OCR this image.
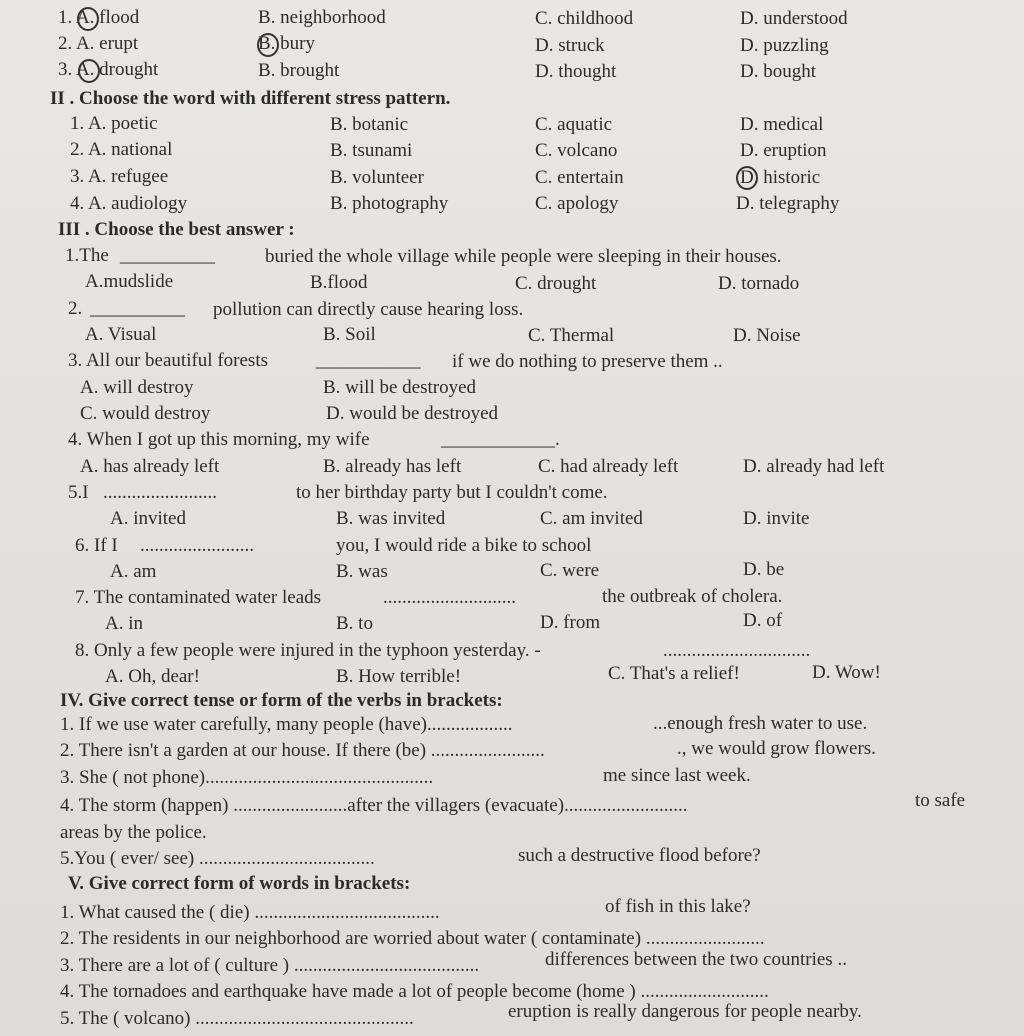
1. A. flood	B. neighborhood	C. childhood	D. understood
2. A. erupt	B. bury	D. struck	D. puzzling
3. A. drought	B. brought	D. thought	D. bought
II . Choose the word with different stress pattern.
1. A. poetic	B. botanic	C. aquatic	D. medical
2. A. national	B. tsunami	C. volcano	D. eruption
3. A. refugee	B. volunteer	C. entertain	D. historic
4. A. audiology	B. photography	C. apology	D. telegraphy
III . Choose the best answer :
1.The __________	buried the whole village while people were sleeping in their houses.
A.mudslide	B.flood	C. drought	D. tornado
2. __________ pollution can directly cause hearing loss.
A. Visual	B. Soil	C. Thermal	D. Noise
3. All our beautiful forests	___________ if we do nothing to preserve them ..
A. will destroy	B. will be destroyed
C. would destroy	D. would be destroyed
4. When I got up this morning, my wife	____________.
A. has already left	B. already has left	C. had already left	D. already had left
5.I ........................	to her birthday party but I couldn't come.
A. invited	B. was invited	C. am invited	D. invite
6. If I ........................	you, I would ride a bike to school
A. am	B. was	C. were	D. be
7. The contaminated water leads	............................	the outbreak of cholera.
A. in	B. to	D. from	D. of
8. Only a few people were injured in the typhoon yesterday. -	...............................
A. Oh, dear!	B. How terrible!	C. That's a relief!	D. Wow!
IV. Give correct tense or form of the verbs in brackets:
1. If we use water carefully, many people (have)..................	...enough fresh water to use.
2. There isn't a garden at our house. If there (be) ........................	., we would grow flowers.
3. She ( not phone)................................................	me since last week.
4. The storm (happen) ........................after the villagers (evacuate)..........................	to safe
areas by the police.
5.You ( ever/ see) .....................................	such a destructive flood before?
V. Give correct form of words in brackets:
1. What caused the ( die) .......................................	of fish in this lake?
2. The residents in our neighborhood are worried about water ( contaminate) .........................
3. There are a lot of ( culture ) .......................................	differences between the two countries ..
4. The tornadoes and earthquake have made a lot of people become (home ) ...........................
5. The ( volcano) ..............................................	eruption is really dangerous for people nearby.
